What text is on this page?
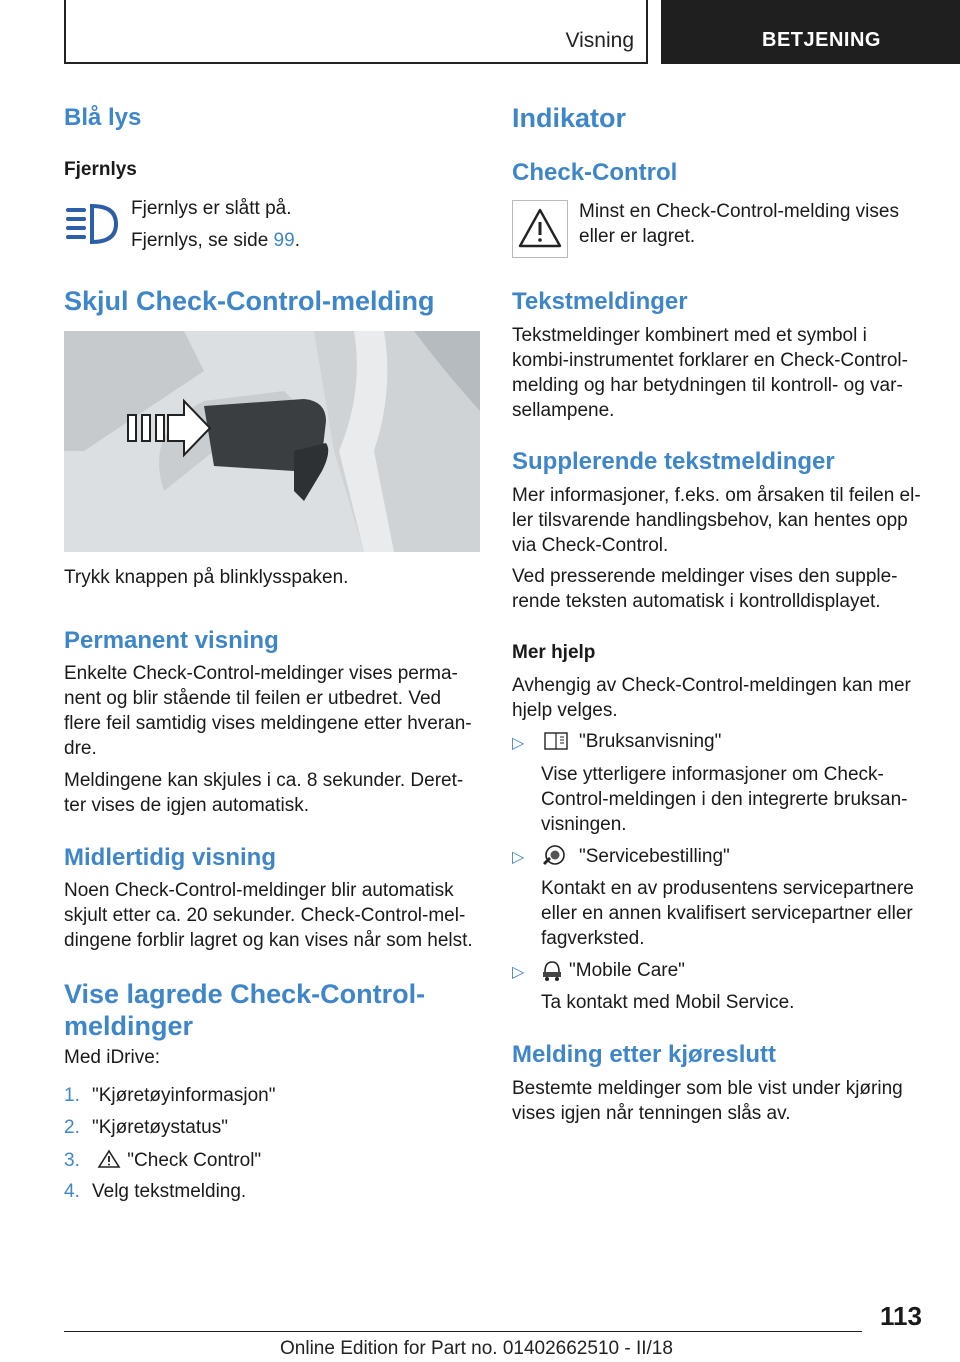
Visning	BETJENING
Blå lys
Fjernlys
Fjernlys er slått på.
Fjernlys, se side 99.
Skjul Check-Control-melding
Trykk knappen på blinklysspaken.
Permanent visning
Enkelte Check-Control-meldinger vises perma-
nent og blir stående til feilen er utbedret. Ved
flere feil samtidig vises meldingene etter hveran-
dre.
Meldingene kan skjules i ca. 8 sekunder. Deret-
ter vises de igjen automatisk.
Midlertidig visning
Noen Check-Control-meldinger blir automatisk
skjult etter ca. 20 sekunder. Check-Control-mel-
dingene forblir lagret og kan vises når som helst.
Vise lagrede Check-Control-
meldinger
Med iDrive:
1. "Kjøretøyinformasjon"
2. "Kjøretøystatus"
3. "Check Control"
4. Velg tekstmelding.
Indikator
Check-Control
Minst en Check-Control-melding vises
eller er lagret.
Tekstmeldinger
Tekstmeldinger kombinert med et symbol i
kombi-instrumentet forklarer en Check-Control-
melding og har betydningen til kontroll- og var-
sellampene.
Supplerende tekstmeldinger
Mer informasjoner, f.eks. om årsaken til feilen el-
ler tilsvarende handlingsbehov, kan hentes opp
via Check-Control.
Ved presserende meldinger vises den supple-
rende teksten automatisk i kontrolldisplayet.
Mer hjelp
Avhengig av Check-Control-meldingen kan mer
hjelp velges.
▷	"Bruksanvisning"
Vise ytterligere informasjoner om Check-
Control-meldingen i den integrerte bruksan-
visningen.
▷	"Servicebestilling"
Kontakt en av produsentens servicepartnere
eller en annen kvalifisert servicepartner eller
fagverksted.
▷ "Mobile Care"
Ta kontakt med Mobil Service.
Melding etter kjøreslutt
Bestemte meldinger som ble vist under kjøring
vises igjen når tenningen slås av.
113
Online Edition for Part no. 01402662510 - II/18
